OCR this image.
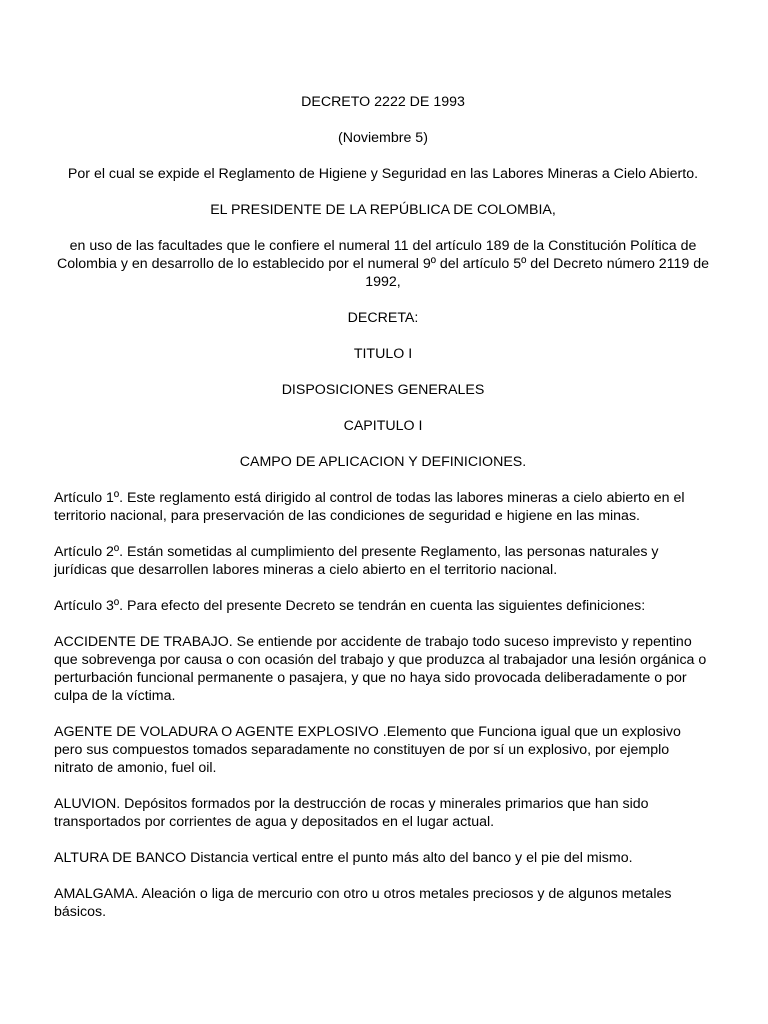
DECRETO 2222 DE 1993

(Noviembre 5)

Por el cual se expide el Reglamento de Higiene y Seguridad en las Labores Mineras a Cielo Abierto.

EL PRESIDENTE DE LA REPÚBLICA DE COLOMBIA,

en uso de las facultades que le confiere el numeral 11 del artículo 189 de la Constitución Política de Colombia y en desarrollo de lo establecido por el numeral 9º del artículo 5º del Decreto número 2119 de 1992,

DECRETA:

TITULO I

DISPOSICIONES GENERALES

CAPITULO I

CAMPO DE APLICACION Y DEFINICIONES.

Artículo 1º. Este reglamento está dirigido al control de todas las labores mineras a cielo abierto en el territorio nacional, para preservación de las condiciones de seguridad e higiene en las minas.

Artículo 2º. Están sometidas al cumplimiento del presente Reglamento, las personas naturales y jurídicas que desarrollen labores mineras a cielo abierto en el territorio nacional.

Artículo 3º. Para efecto del presente Decreto se tendrán en cuenta las siguientes definiciones:

ACCIDENTE DE TRABAJO. Se entiende por accidente de trabajo todo suceso imprevisto y repentino que sobrevenga por causa o con ocasión del trabajo y que produzca al trabajador una lesión orgánica o perturbación funcional permanente o pasajera, y que no haya sido provocada deliberadamente o por culpa de la víctima.

AGENTE DE VOLADURA O AGENTE EXPLOSIVO .Elemento que Funciona igual que un explosivo pero sus compuestos tomados separadamente no constituyen de por sí un explosivo, por ejemplo nitrato de amonio, fuel oil.

ALUVION. Depósitos formados por la destrucción de rocas y minerales primarios que han sido transportados por corrientes de agua y depositados en el lugar actual.

ALTURA DE BANCO Distancia vertical entre el punto más alto del banco y el pie del mismo.

AMALGAMA. Aleación o liga de mercurio con otro u otros metales preciosos y de algunos metales básicos.
